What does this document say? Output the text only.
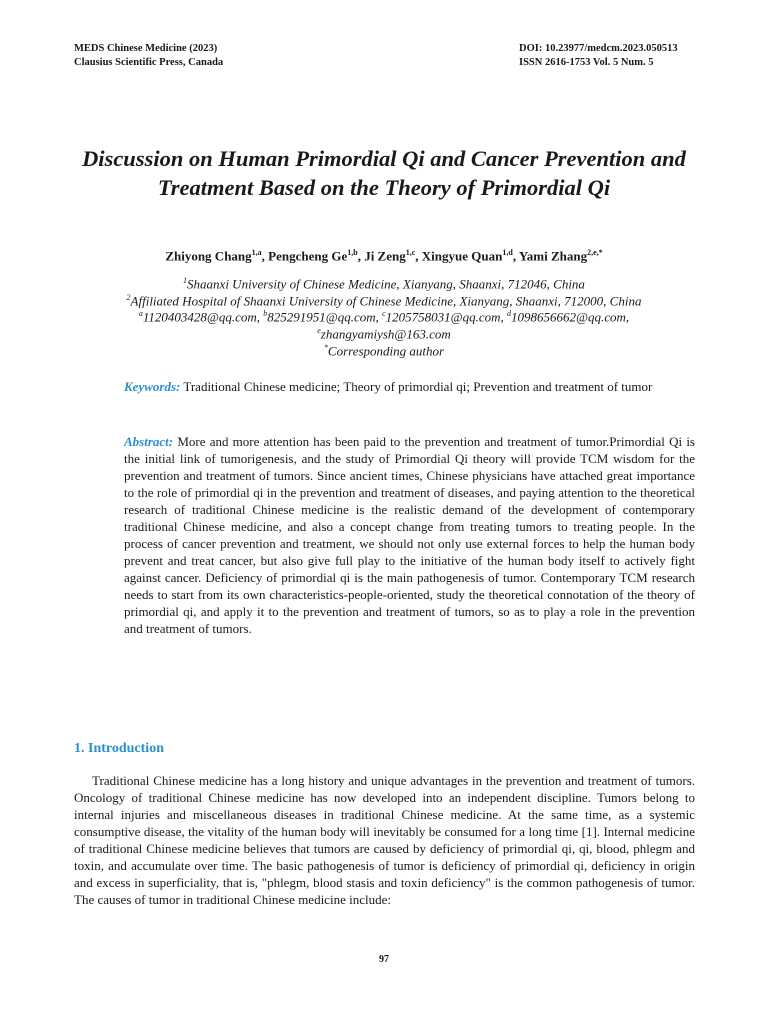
MEDS Chinese Medicine (2023)
Clausius Scientific Press, Canada
DOI: 10.23977/medcm.2023.050513
ISSN 2616-1753 Vol. 5 Num. 5
Discussion on Human Primordial Qi and Cancer Prevention and Treatment Based on the Theory of Primordial Qi
Zhiyong Chang$^{1,a}$, Pengcheng Ge$^{1,b}$, Ji Zeng$^{1,c}$, Xingyue Quan$^{1,d}$, Yami Zhang$^{2,e,*}$
$^1$Shaanxi University of Chinese Medicine, Xianyang, Shaanxi, 712046, China
$^2$Affiliated Hospital of Shaanxi University of Chinese Medicine, Xianyang, Shaanxi, 712000, China
$^a$1120403428@qq.com, $^b$825291951@qq.com, $^c$1205758031@qq.com, $^d$1098656662@qq.com,
$^e$zhangyamiysh@163.com
*Corresponding author
Keywords: Traditional Chinese medicine; Theory of primordial qi; Prevention and treatment of tumor
Abstract: More and more attention has been paid to the prevention and treatment of tumor.Primordial Qi is the initial link of tumorigenesis, and the study of Primordial Qi theory will provide TCM wisdom for the prevention and treatment of tumors. Since ancient times, Chinese physicians have attached great importance to the role of primordial qi in the prevention and treatment of diseases, and paying attention to the theoretical research of traditional Chinese medicine is the realistic demand of the development of contemporary traditional Chinese medicine, and also a concept change from treating tumors to treating people. In the process of cancer prevention and treatment, we should not only use external forces to help the human body prevent and treat cancer, but also give full play to the initiative of the human body itself to actively fight against cancer. Deficiency of primordial qi is the main pathogenesis of tumor. Contemporary TCM research needs to start from its own characteristics-people-oriented, study the theoretical connotation of the theory of primordial qi, and apply it to the prevention and treatment of tumors, so as to play a role in the prevention and treatment of tumors.
1. Introduction
Traditional Chinese medicine has a long history and unique advantages in the prevention and treatment of tumors. Oncology of traditional Chinese medicine has now developed into an independent discipline. Tumors belong to internal injuries and miscellaneous diseases in traditional Chinese medicine. At the same time, as a systemic consumptive disease, the vitality of the human body will inevitably be consumed for a long time [1]. Internal medicine of traditional Chinese medicine believes that tumors are caused by deficiency of primordial qi, qi, blood, phlegm and toxin, and accumulate over time. The basic pathogenesis of tumor is deficiency of primordial qi, deficiency in origin and excess in superficiality, that is, "phlegm, blood stasis and toxin deficiency" is the common pathogenesis of tumor. The causes of tumor in traditional Chinese medicine include:
97
